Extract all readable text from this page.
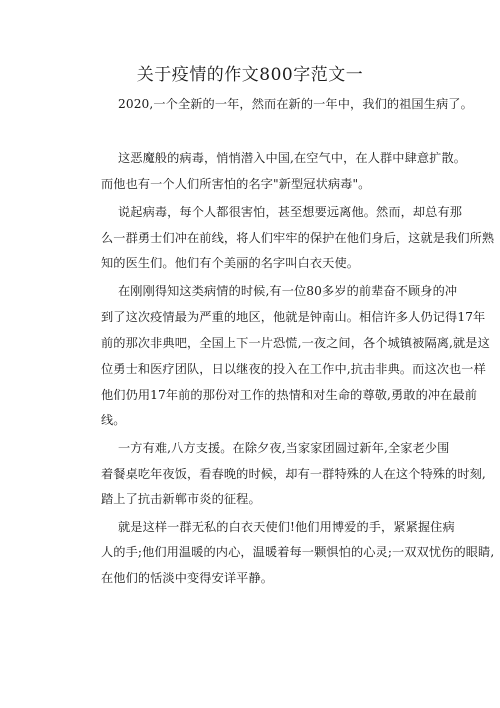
关于疫情的作文800字范文一
2020,一个全新的一年，然而在新的一年中，我们的祖国生病了。
这恶魔般的病毒，悄悄潜入中国,在空气中，在人群中肆意扩散。
而他也有一个人们所害怕的名字"新型冠状病毒"。
说起病毒，每个人都很害怕，甚至想要远离他。然而，却总有那
么一群勇士们冲在前线，将人们牢牢的保护在他们身后，这就是我们所熟
知的医生们。他们有个美丽的名字叫白衣天使。
在刚刚得知这类病情的时候,有一位80多岁的前辈奋不顾身的冲
到了这次疫情最为严重的地区，他就是钟南山。相信许多人仍记得17年
前的那次非典吧，全国上下一片恐慌,一夜之间，各个城镇被隔离,就是这
位勇士和医疗团队，日以继夜的投入在工作中,抗击非典。而这次也一样
他们仍用17年前的那份对工作的热情和对生命的尊敬,勇敢的冲在最前
线。
一方有难,八方支援。在除夕夜,当家家团圆过新年,全家老少围
着餐桌吃年夜饭，看春晚的时候，却有一群特殊的人在这个特殊的时刻,
踏上了抗击新郸市炎的征程。
就是这样一群无私的白衣天使们!他们用博爱的手，紧紧握住病
人的手;他们用温暖的内心，温暖着每一颗惧怕的心灵;一双双忧伤的眼睛,
在他们的恬淡中变得安详平静。
